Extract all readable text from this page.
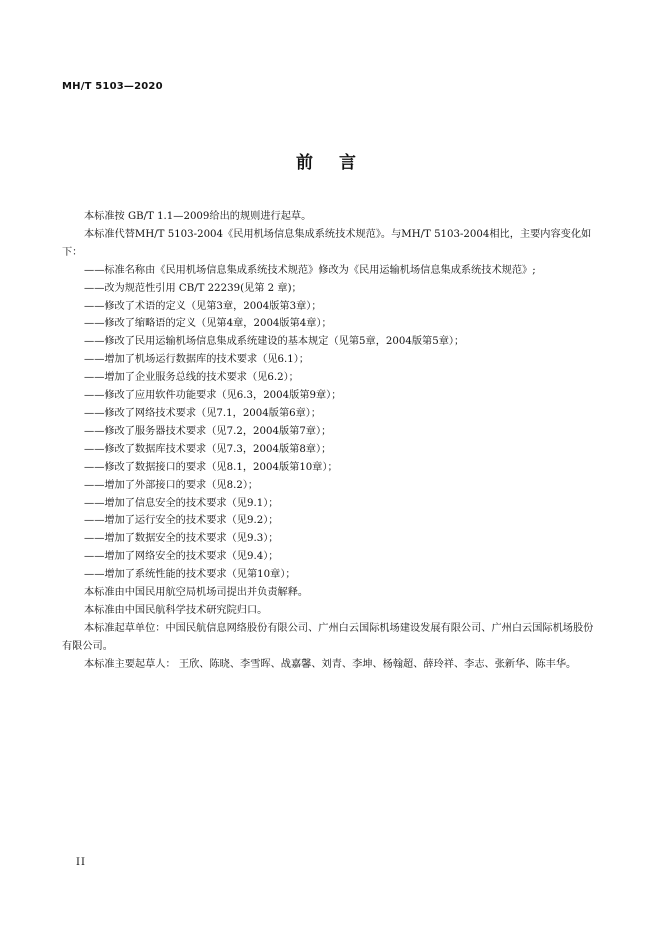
MH/T 5103—2020
前 言

本标准按 GB/T 1.1—2009给出的规则进行起草。

本标准代替MH/T 5103-2004《民用机场信息集成系统技术规范》。与MH/T 5103-2004相比，主要内容变化如下：

——标准名称由《民用机场信息集成系统技术规范》修改为《民用运输机场信息集成系统技术规范》;
——改为规范性引用 CB/T 22239(见第 2 章)；
——修改了术语的定义（见第3章，2004版第3章）；
——修改了缩略语的定义（见第4章，2004版第4章）；
——修改了民用运输机场信息集成系统建设的基本规定（见第5章，2004版第5章）；
——增加了机场运行数据库的技术要求（见6.1）；
——增加了企业服务总线的技术要求（见6.2）；
——修改了应用软件功能要求（见6.3，2004版第9章）；
——修改了网络技术要求（见7.1，2004版第6章）；
——修改了服务器技术要求（见7.2，2004版第7章）；
——修改了数据库技术要求（见7.3，2004版第8章）；
——修改了数据接口的要求（见8.1，2004版第10章）；
——增加了外部接口的要求（见8.2）；
——增加了信息安全的技术要求（见9.1）；
——增加了运行安全的技术要求（见9.2）；
——增加了数据安全的技术要求（见9.3）；
——增加了网络安全的技术要求（见9.4）；
——增加了系统性能的技术要求（见第10章）；

本标准由中国民用航空局机场司提出并负责解释。

本标准由中国民航科学技术研究院归口。

本标准起草单位：中国民航信息网络股份有限公司、广州白云国际机场建设发展有限公司、广州白云国际机场股份有限公司。

本标准主要起草人： 王欣、陈晓、李雪晖、战嘉馨、刘青、李坤、杨翰超、薛玲祥、李志、张新华、陈丰华。

II
